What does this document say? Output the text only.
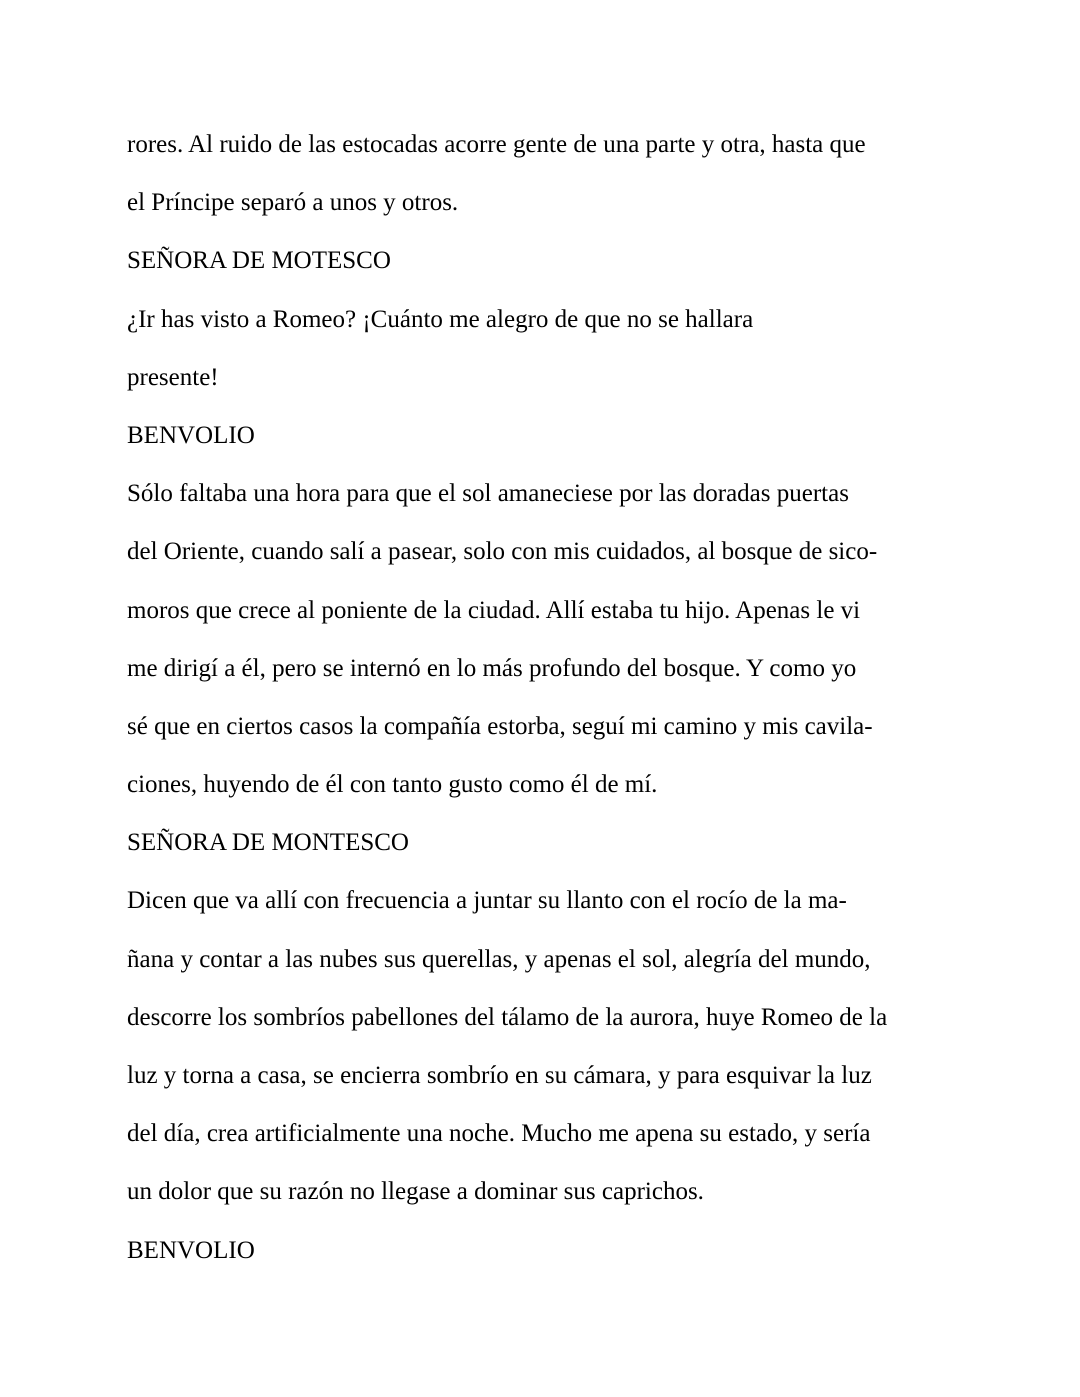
rores. Al ruido de las estocadas acorre gente de una parte y otra, hasta que
el Príncipe separó a unos y otros.
SEÑORA DE MOTESCO
¿Ir has visto a Romeo? ¡Cuánto me alegro de que no se hallara
presente!
BENVOLIO
Sólo faltaba una hora para que el sol amaneciese por las doradas puertas
del Oriente, cuando salí a pasear, solo con mis cuidados, al bosque de sico-
moros que crece al poniente de la ciudad. Allí estaba tu hijo. Apenas le vi
me dirigí a él, pero se internó en lo más profundo del bosque. Y como yo
sé que en ciertos casos la compañía estorba, seguí mi camino y mis cavila-
ciones, huyendo de él con tanto gusto como él de mí.
SEÑORA DE MONTESCO
Dicen que va allí con frecuencia a juntar su llanto con el rocío de la ma-
ñana y contar a las nubes sus querellas, y apenas el sol, alegría del mundo,
descorre los sombríos pabellones del tálamo de la aurora, huye Romeo de la
luz y torna a casa, se encierra sombrío en su cámara, y para esquivar la luz
del día, crea artificialmente una noche. Mucho me apena su estado, y sería
un dolor que su razón no llegase a dominar sus caprichos.
BENVOLIO
